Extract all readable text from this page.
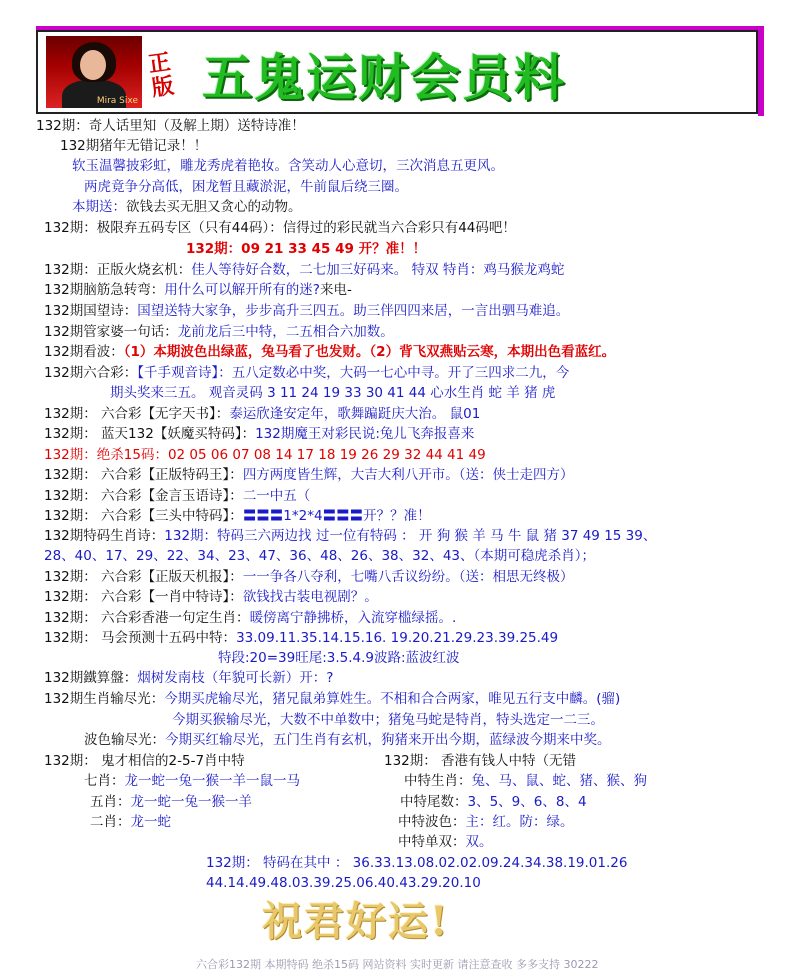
Mira Sixe
正版 五鬼运财会员料
132期：奇人话里知（及解上期）送特诗准！
132期猪年无错记录！！
软玉温馨披彩虹，雕龙秀虎着艳妆。含笑动人心意切，三次消息五更风。
两虎竟争分高低，困龙暂且藏淤泥，牛前鼠后绕三圈。
本期送：欲钱去买无胆又贪心的动物。
132期：极限弃五码专区（只有44码）：信得过的彩民就当六合彩只有44码吧！
132期：09 21 33 45 49 开？准！！
132期：正版火烧玄机：佳人等待好合数，二七加三好码来。 特双 特肖：鸡马猴龙鸡蛇
132期脑筋急转弯：用什么可以解开所有的迷?来电-
132期国望诗：国望送特大家争，步步高升三四五。助三伴四四来居，一言出驷马难追。
132期管家婆一句话：龙前龙后三中特，二五相合六加数。
132期看波：（1）本期波色出绿蓝，兔马看了也发财。（2）背飞双燕贴云寒，本期出色看蓝红。
132期六合彩：【千手观音诗】：五八定数必中奖，大码一七心中寻。开了三四求二九，今
期头奖来三五。 观音灵码 3 11 24 19 33 30 41 44 心水生肖 蛇 羊 猪 虎
132期： 六合彩【无字天书】：泰运欣逢安定年，歌舞蹁跹庆大治。 鼠01
132期： 蓝天132【妖魔买特码】：132期魔王对彩民说:兔儿飞奔报喜来
132期：绝杀15码：02 05 06 07 08 14 17 18 19 26 29 32 44 41 49
132期： 六合彩【正版特码王】：四方两度皆生辉，大吉大利八开市。（送：侠士走四方）
132期： 六合彩【金言玉语诗】：二一中五（
132期： 六合彩【三头中特码】：〓〓〓1*2*4〓〓〓开？？准！
132期特码生肖诗：132期：特码三六两边找 过一位有特码 ： 开 狗 猴 羊 马 牛 鼠 猪 37 49 15 39、
28、40、17、29、22、34、23、47、36、48、26、38、32、43、（本期可稳虎杀肖）；
132期： 六合彩【正版天机报】：一一争各八夺利，七嘴八舌议纷纷。（送：相思无终极）
132期： 六合彩【一肖中特诗】：欲钱找古装电视剧？。
132期： 六合彩香港一句定生肖：暖傍离宁静拂桥，入流穿槛绿摇。.
132期： 马会预测十五码中特：33.09.11.35.14.15.16. 19.20.21.29.23.39.25.49
特段:20=39旺尾:3.5.4.9波路:蓝波红波
132期鐵算盤：烟树发南枝（年貌可长新）开：?
132期生肖输尽光：今期买虎输尽光，猪兄鼠弟算姓生。不相和合合两家，唯见五行支中麟。(骝)
今期买猴输尽光，大数不中单数中；猪兔马蛇是特肖，特头选定一二三。
波色输尽光：今期买红输尽光，五门生肖有玄机，狗猪来开出今期，蓝绿波今期来中奖。
132期： 鬼才相信的2-5-7肖中特	132期： 香港有钱人中特（无错
七肖：龙一蛇一兔一猴一羊一鼠一马	中特生肖：兔、马、鼠、蛇、猪、猴、狗
五肖：龙一蛇一兔一猴一羊	中特尾数：3、5、9、6、8、4
二肖：龙一蛇	中特波色：主：红。防：绿。
中特单双：双。
132期： 特码在其中 ： 36.33.13.08.02.02.09.24.34.38.19.01.26
44.14.49.48.03.39.25.06.40.43.29.20.10
祝君好运!
六合彩132期 本期特码 绝杀15码 网站资料 实时更新 请注意查收 多多支持 30222
